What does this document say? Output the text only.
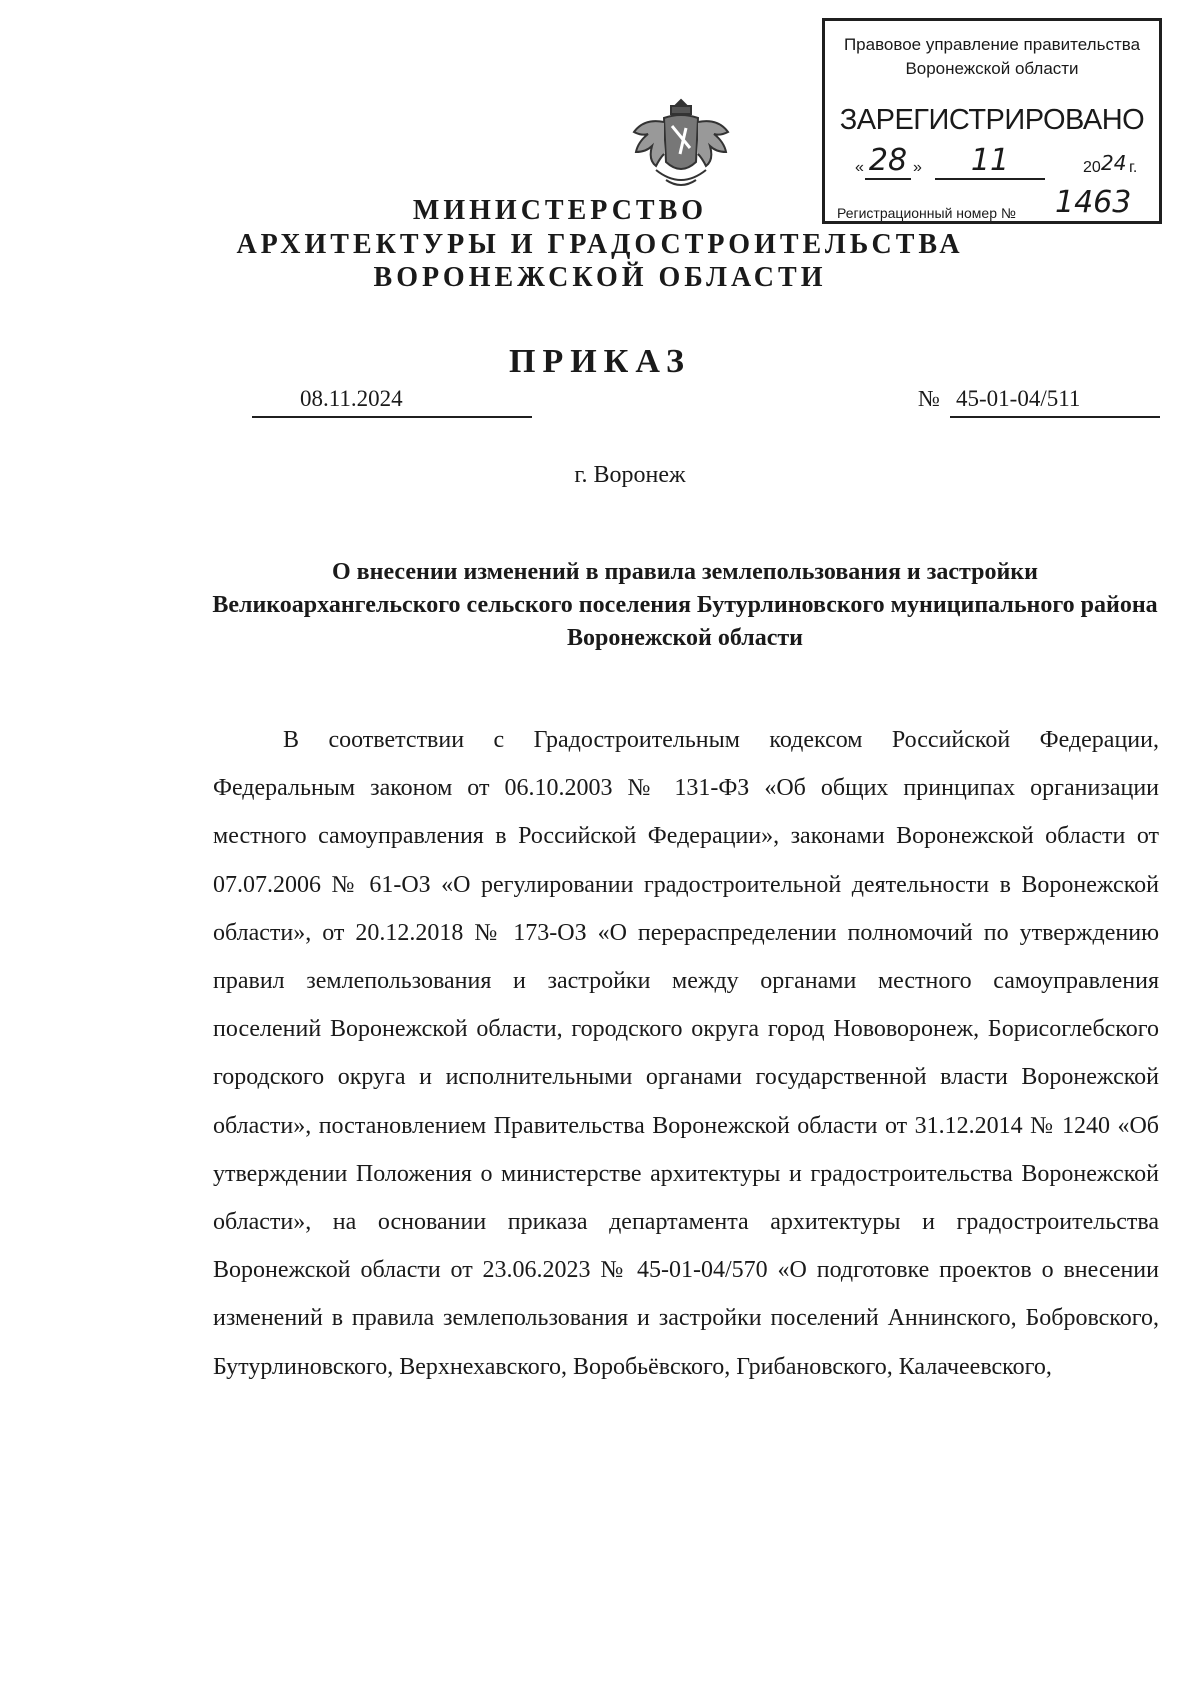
Правовое управление правительства
Воронежской области
ЗАРЕГИСТРИРОВАНО
« 28 »	11	20 24 г.
Регистрационный номер № 1463
МИНИСТЕРСТВО
АРХИТЕКТУРЫ И ГРАДОСТРОИТЕЛЬСТВА
ВОРОНЕЖСКОЙ ОБЛАСТИ
ПРИКАЗ
08.11.2024	№ 45-01-04/511
г. Воронеж
О внесении изменений в правила землепользования и застройки Великоархангельского сельского поселения Бутурлиновского муниципального района Воронежской области
В соответствии с Градостроительным кодексом Российской Федерации, Федеральным законом от 06.10.2003 № 131-ФЗ «Об общих принципах организации местного самоуправления в Российской Федерации», законами Воронежской области от 07.07.2006 № 61-ОЗ «О регулировании градостроительной деятельности в Воронежской области», от 20.12.2018 № 173-ОЗ «О перераспределении полномочий по утверждению правил землепользования и застройки между органами местного самоуправления поселений Воронежской области, городского округа город Нововоронеж, Борисоглебского городского округа и исполнительными органами государственной власти Воронежской области», постановлением Правительства Воронежской области от 31.12.2014 № 1240 «Об утверждении Положения о министерстве архитектуры и градостроительства Воронежской области», на основании приказа департамента архитектуры и градостроительства Воронежской области от 23.06.2023 № 45-01-04/570 «О подготовке проектов о внесении изменений в правила землепользования и застройки поселений Аннинского, Бобровского, Бутурлиновского, Верхнехавского, Воробьёвского, Грибановского, Калачеевского,
